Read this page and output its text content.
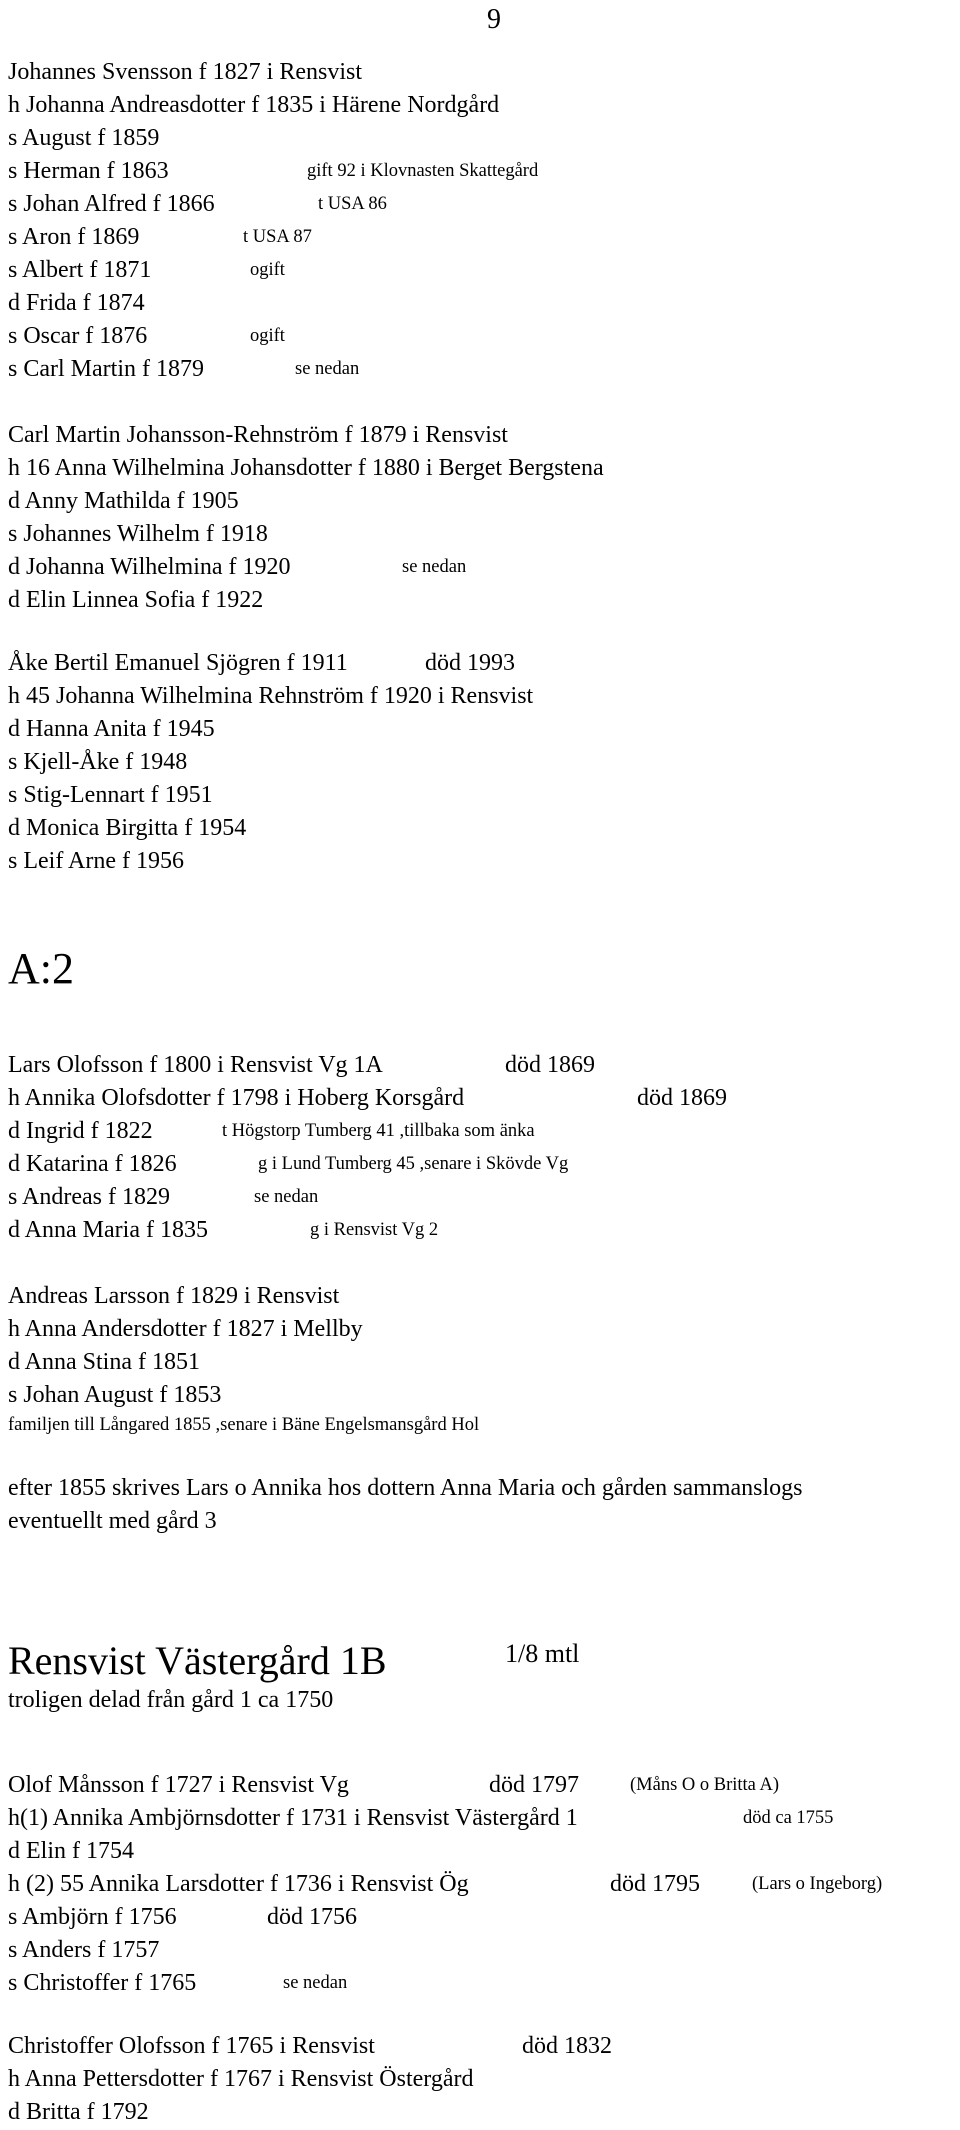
9
Johannes Svensson f 1827 i Rensvist
h Johanna Andreasdotter f 1835 i Härene Nordgård
s August f 1859
s Herman f 1863	gift 92 i Klovnasten Skattegård
s Johan Alfred f 1866	t USA 86
s Aron f 1869	t USA 87
s Albert f 1871	ogift
d Frida f 1874
s Oscar f 1876	ogift
s Carl Martin f 1879	se nedan
Carl Martin Johansson-Rehnström f 1879 i Rensvist
h 16 Anna Wilhelmina Johansdotter f 1880 i Berget Bergstena
d Anny Mathilda f 1905
s Johannes Wilhelm f 1918
d Johanna Wilhelmina f 1920	se nedan
d Elin Linnea Sofia f 1922
Åke Bertil Emanuel Sjögren f 1911	död 1993
h 45 Johanna Wilhelmina Rehnström f 1920 i Rensvist
d Hanna Anita f 1945
s Kjell-Åke f 1948
s Stig-Lennart f 1951
d Monica Birgitta f 1954
s Leif Arne f 1956
A:2
Lars Olofsson f 1800 i Rensvist Vg 1A	död 1869
h Annika Olofsdotter f 1798 i Hoberg Korsgård	död 1869
d Ingrid f 1822	t Högstorp Tumberg 41 ,tillbaka som änka
d Katarina f 1826	g i Lund Tumberg 45 ,senare i Skövde Vg
s Andreas f 1829	se nedan
d Anna Maria f 1835	g i Rensvist Vg 2
Andreas Larsson f 1829 i Rensvist
h Anna Andersdotter f 1827 i Mellby
d Anna Stina f 1851
s Johan August f 1853
familjen till Långared 1855 ,senare i Bäne Engelsmansgård Hol
efter 1855 skrives Lars o Annika hos dottern Anna Maria och gården sammanslogs
eventuellt med gård 3
Rensvist Västergård 1B	1/8 mtl
troligen delad från gård 1 ca 1750
Olof Månsson f 1727 i Rensvist Vg	död 1797	(Måns O o Britta A)
h(1) Annika Ambjörnsdotter f 1731 i Rensvist Västergård 1	död ca 1755
d Elin f 1754
h (2) 55 Annika Larsdotter f 1736 i Rensvist Ög	död 1795	(Lars o Ingeborg)
s Ambjörn f 1756	död 1756
s Anders f 1757
s Christoffer f 1765	se nedan
Christoffer Olofsson f 1765 i Rensvist	död 1832
h Anna Pettersdotter f 1767 i Rensvist Östergård
d Britta f 1792
